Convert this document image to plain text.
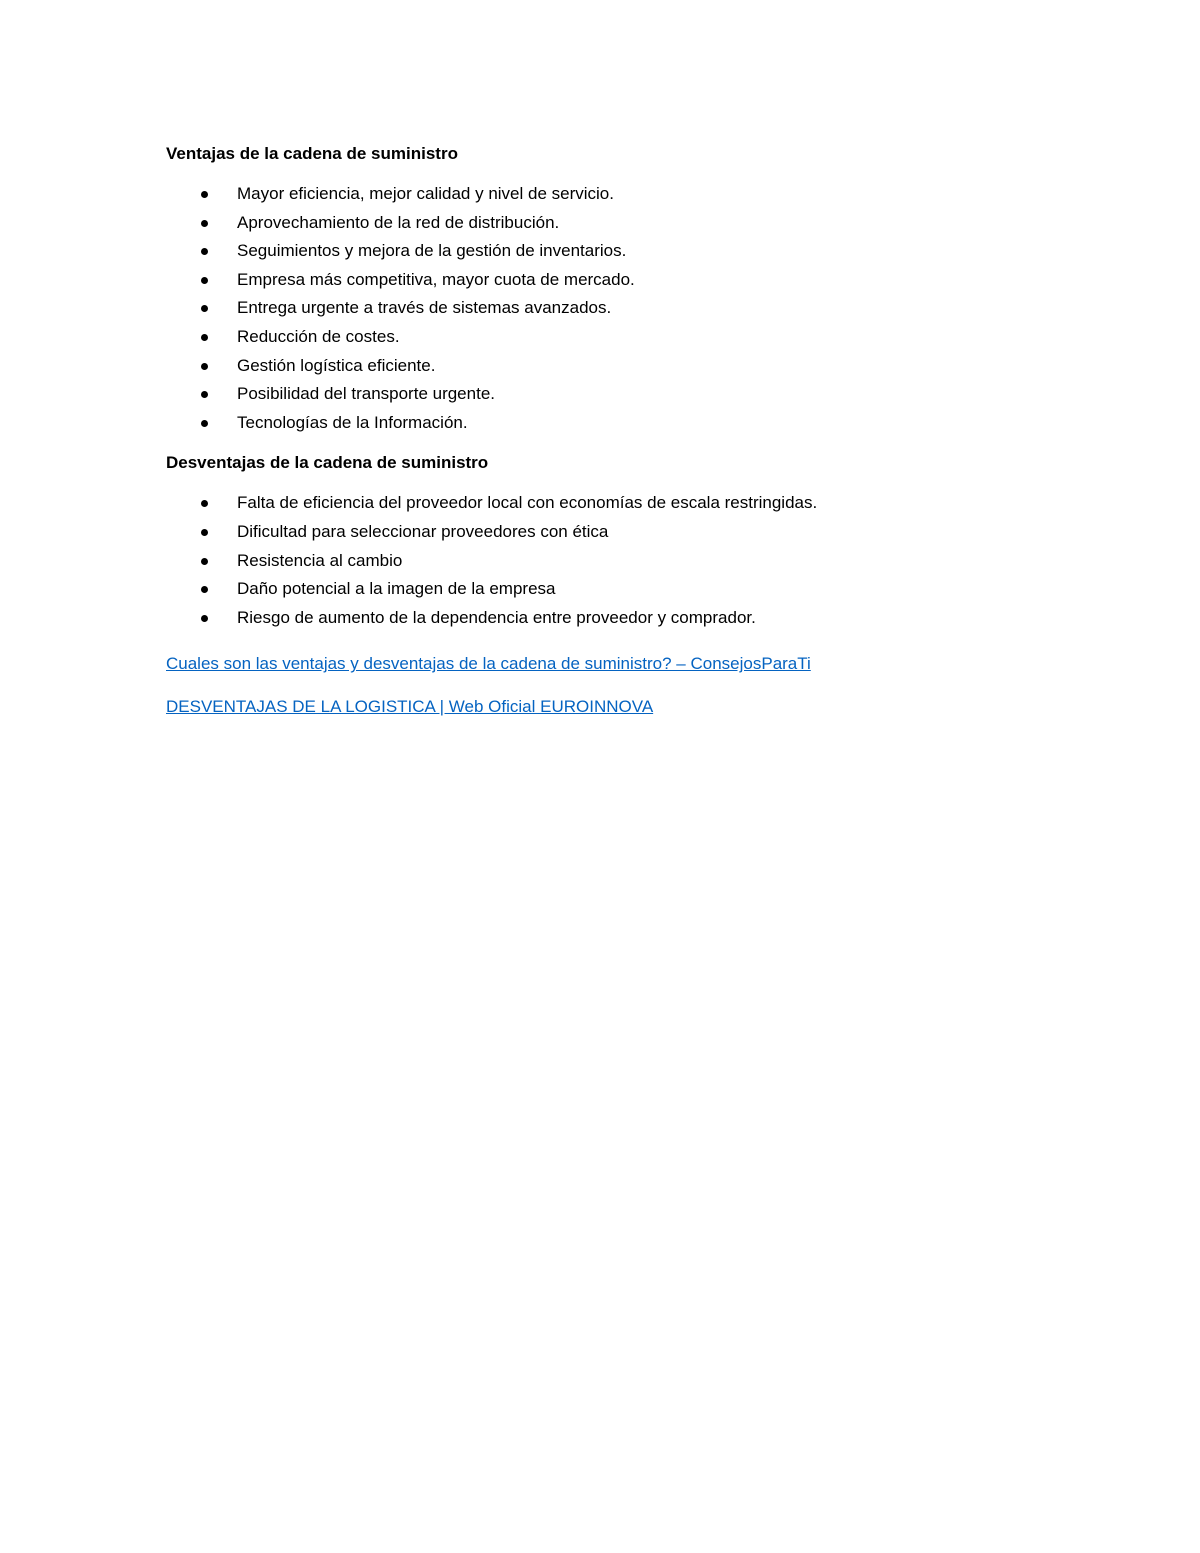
Ventajas de la cadena de suministro
Mayor eficiencia, mejor calidad y nivel de servicio.
Aprovechamiento de la red de distribución.
Seguimientos y mejora de la gestión de inventarios.
Empresa más competitiva, mayor cuota de mercado.
Entrega urgente a través de sistemas avanzados.
Reducción de costes.
Gestión logística eficiente.
Posibilidad del transporte urgente.
Tecnologías de la Información.
Desventajas de la cadena de suministro
Falta de eficiencia del proveedor local con economías de escala restringidas.
Dificultad para seleccionar proveedores con ética
Resistencia al cambio
Daño potencial a la imagen de la empresa
Riesgo de aumento de la dependencia entre proveedor y comprador.
Cuales son las ventajas y desventajas de la cadena de suministro? – ConsejosParaTi
DESVENTAJAS DE LA LOGISTICA | Web Oficial EUROINNOVA
